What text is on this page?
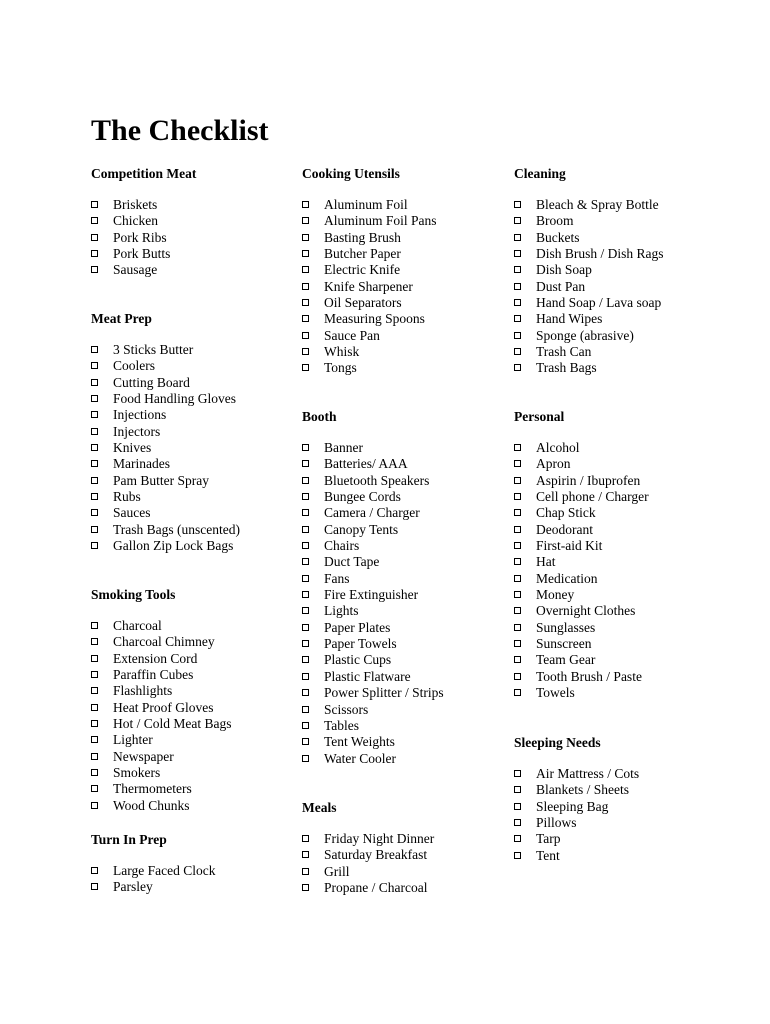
The Checklist
Competition Meat
Briskets
Chicken
Pork Ribs
Pork Butts
Sausage
Meat Prep
3 Sticks Butter
Coolers
Cutting Board
Food Handling Gloves
Injections
Injectors
Knives
Marinades
Pam Butter Spray
Rubs
Sauces
Trash Bags (unscented)
Gallon Zip Lock Bags
Smoking Tools
Charcoal
Charcoal Chimney
Extension Cord
Paraffin Cubes
Flashlights
Heat Proof Gloves
Hot / Cold Meat Bags
Lighter
Newspaper
Smokers
Thermometers
Wood Chunks
Turn In Prep
Large Faced Clock
Parsley
Cooking Utensils
Aluminum Foil
Aluminum Foil Pans
Basting Brush
Butcher Paper
Electric Knife
Knife Sharpener
Oil Separators
Measuring Spoons
Sauce Pan
Whisk
Tongs
Booth
Banner
Batteries/ AAA
Bluetooth Speakers
Bungee Cords
Camera / Charger
Canopy Tents
Chairs
Duct Tape
Fans
Fire Extinguisher
Lights
Paper Plates
Paper Towels
Plastic Cups
Plastic Flatware
Power Splitter / Strips
Scissors
Tables
Tent Weights
Water Cooler
Meals
Friday Night Dinner
Saturday Breakfast
Grill
Propane / Charcoal
Cleaning
Bleach & Spray Bottle
Broom
Buckets
Dish Brush / Dish Rags
Dish Soap
Dust Pan
Hand Soap / Lava soap
Hand Wipes
Sponge (abrasive)
Trash Can
Trash Bags
Personal
Alcohol
Apron
Aspirin / Ibuprofen
Cell phone / Charger
Chap Stick
Deodorant
First-aid Kit
Hat
Medication
Money
Overnight Clothes
Sunglasses
Sunscreen
Team Gear
Tooth Brush / Paste
Towels
Sleeping Needs
Air Mattress / Cots
Blankets / Sheets
Sleeping Bag
Pillows
Tarp
Tent
